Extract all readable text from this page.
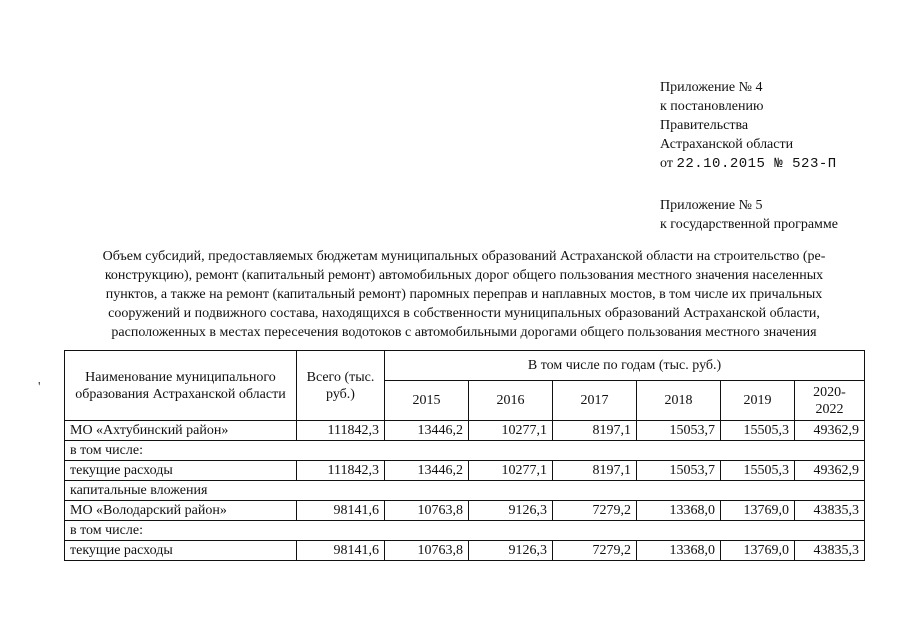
Приложение № 4
к постановлению
Правительства
Астраханской области
от 22.10.2015 № 523-П
Приложение № 5
к государственной программе
Объем субсидий, предоставляемых бюджетам муниципальных образований Астраханской области на строительство (ре-
конструкцию), ремонт (капитальный ремонт) автомобильных дорог общего пользования местного значения населенных
пунктов, а также на ремонт (капитальный ремонт) паромных переправ и наплавных мостов, в том числе их причальных
сооружений и подвижного состава, находящихся в собственности муниципальных образований Астраханской области,
расположенных в местах пересечения водотоков с автомобильными дорогами общего пользования местного значения
'
Наименование муниципального образования Астраханской области	Всего (тыс. руб.)	В том числе по годам (тыс. руб.)					
		2015	2016	2017	2018	2019	2020-2022
МО «Ахтубинский район»	111842,3	13446,2	10277,1	8197,1	15053,7	15505,3	49362,9
в том числе:							
текущие расходы	111842,3	13446,2	10277,1	8197,1	15053,7	15505,3	49362,9
капитальные вложения							
МО «Володарский район»	98141,6	10763,8	9126,3	7279,2	13368,0	13769,0	43835,3
в том числе:							
текущие расходы	98141,6	10763,8	9126,3	7279,2	13368,0	13769,0	43835,3
